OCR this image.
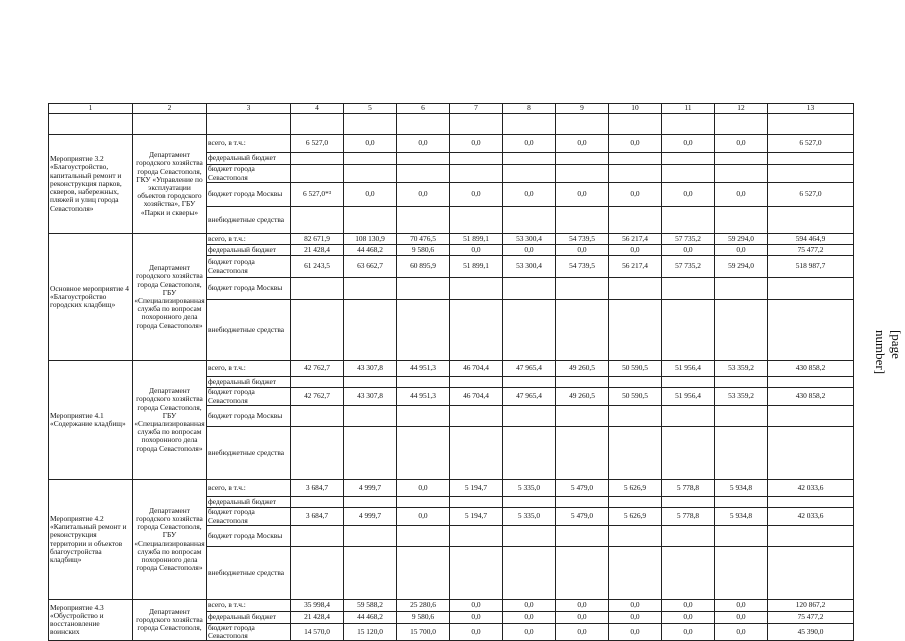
1	2	3	4	5	6	7	8	9	10	11	12	13

Мероприятие 3.2 «Благоустройство, капитальный ремонт и реконструкция парков, скверов, набережных, пляжей и улиц города Севастополя»	Департамент городского хозяйства города Севастополя, ГКУ «Управление по эксплуатации объектов городского хозяйства», ГБУ «Парки и скверы»	всего, в т.ч.:	6 527,0	0,0	0,0	0,0	0,0	0,0	0,0	0,0	0,0	6 527,0
		федеральный бюджет										
		бюджет города Севастополя										
		бюджет города Москвы	6 527,0*³	0,0	0,0	0,0	0,0	0,0	0,0	0,0	0,0	6 527,0
		внебюджетные средства										
Основное мероприятие 4 «Благоустройство городских кладбищ»	Департамент городского хозяйства города Севастополя, ГБУ «Специализированная служба по вопросам похоронного дела города Севастополя»	всего, в т.ч.:	82 671,9	108 130,9	70 476,5	51 899,1	53 300,4	54 739,5	56 217,4	57 735,2	59 294,0	594 464,9
		федеральный бюджет	21 428,4	44 468,2	9 580,6	0,0	0,0	0,0	0,0	0,0	0,0	75 477,2
		бюджет города Севастополя	61 243,5	63 662,7	60 895,9	51 899,1	53 300,4	54 739,5	56 217,4	57 735,2	59 294,0	518 987,7
		бюджет города Москвы										
		внебюджетные средства										
Мероприятие 4.1 «Содержание кладбищ»	Департамент городского хозяйства города Севастополя, ГБУ «Специализированная служба по вопросам похоронного дела города Севастополя»	всего, в т.ч.:	42 762,7	43 307,8	44 951,3	46 704,4	47 965,4	49 260,5	50 590,5	51 956,4	53 359,2	430 858,2
		федеральный бюджет										
		бюджет города Севастополя	42 762,7	43 307,8	44 951,3	46 704,4	47 965,4	49 260,5	50 590,5	51 956,4	53 359,2	430 858,2
		бюджет города Москвы										
		внебюджетные средства										
Мероприятие 4.2 «Капитальный ремонт и реконструкция территории и объектов благоустройства кладбищ»	Департамент городского хозяйства города Севастополя, ГБУ «Специализированная служба по вопросам похоронного дела города Севастополя»	всего, в т.ч.:	3 684,7	4 999,7	0,0	5 194,7	5 335,0	5 479,0	5 626,9	5 778,8	5 934,8	42 033,6
		федеральный бюджет										
		бюджет города Севастополя	3 684,7	4 999,7	0,0	5 194,7	5 335,0	5 479,0	5 626,9	5 778,8	5 934,8	42 033,6
		бюджет города Москвы										
		внебюджетные средства										
Мероприятие 4.3 «Обустройство и восстановление воинских	Департамент городского хозяйства города Севастополя,	всего, в т.ч.:	35 998,4	59 588,2	25 280,6	0,0	0,0	0,0	0,0	0,0	0,0	120 867,2
		федеральный бюджет	21 428,4	44 468,2	9 580,6	0,0	0,0	0,0	0,0	0,0	0,0	75 477,2
		бюджет города Севастополя	14 570,0	15 120,0	15 700,0	0,0	0,0	0,0	0,0	0,0	0,0	45 390,0
[page number]
